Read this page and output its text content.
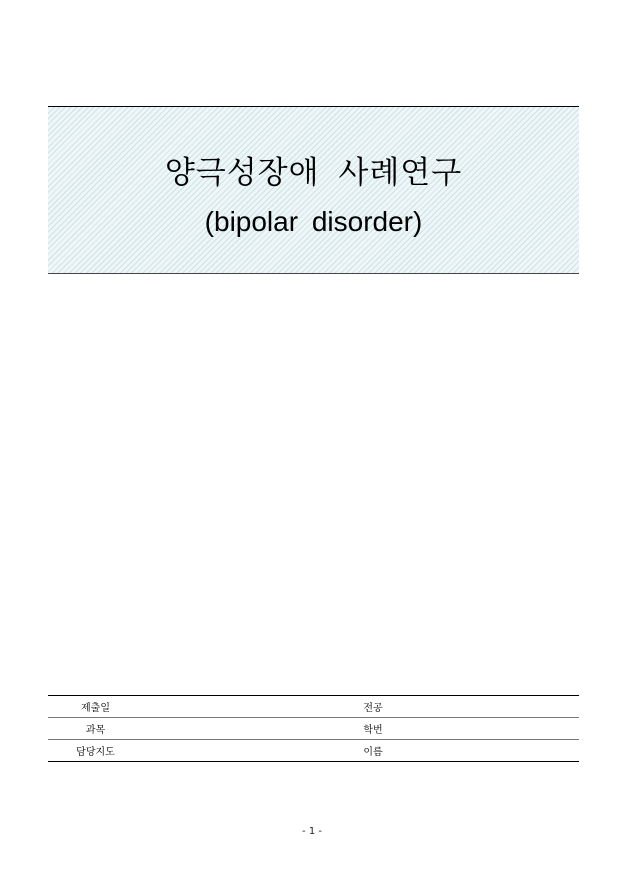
양극성장애 사례연구
(bipolar disorder)
제출일		전공	
과목		학번	
담당지도		이름	
- 1 -
